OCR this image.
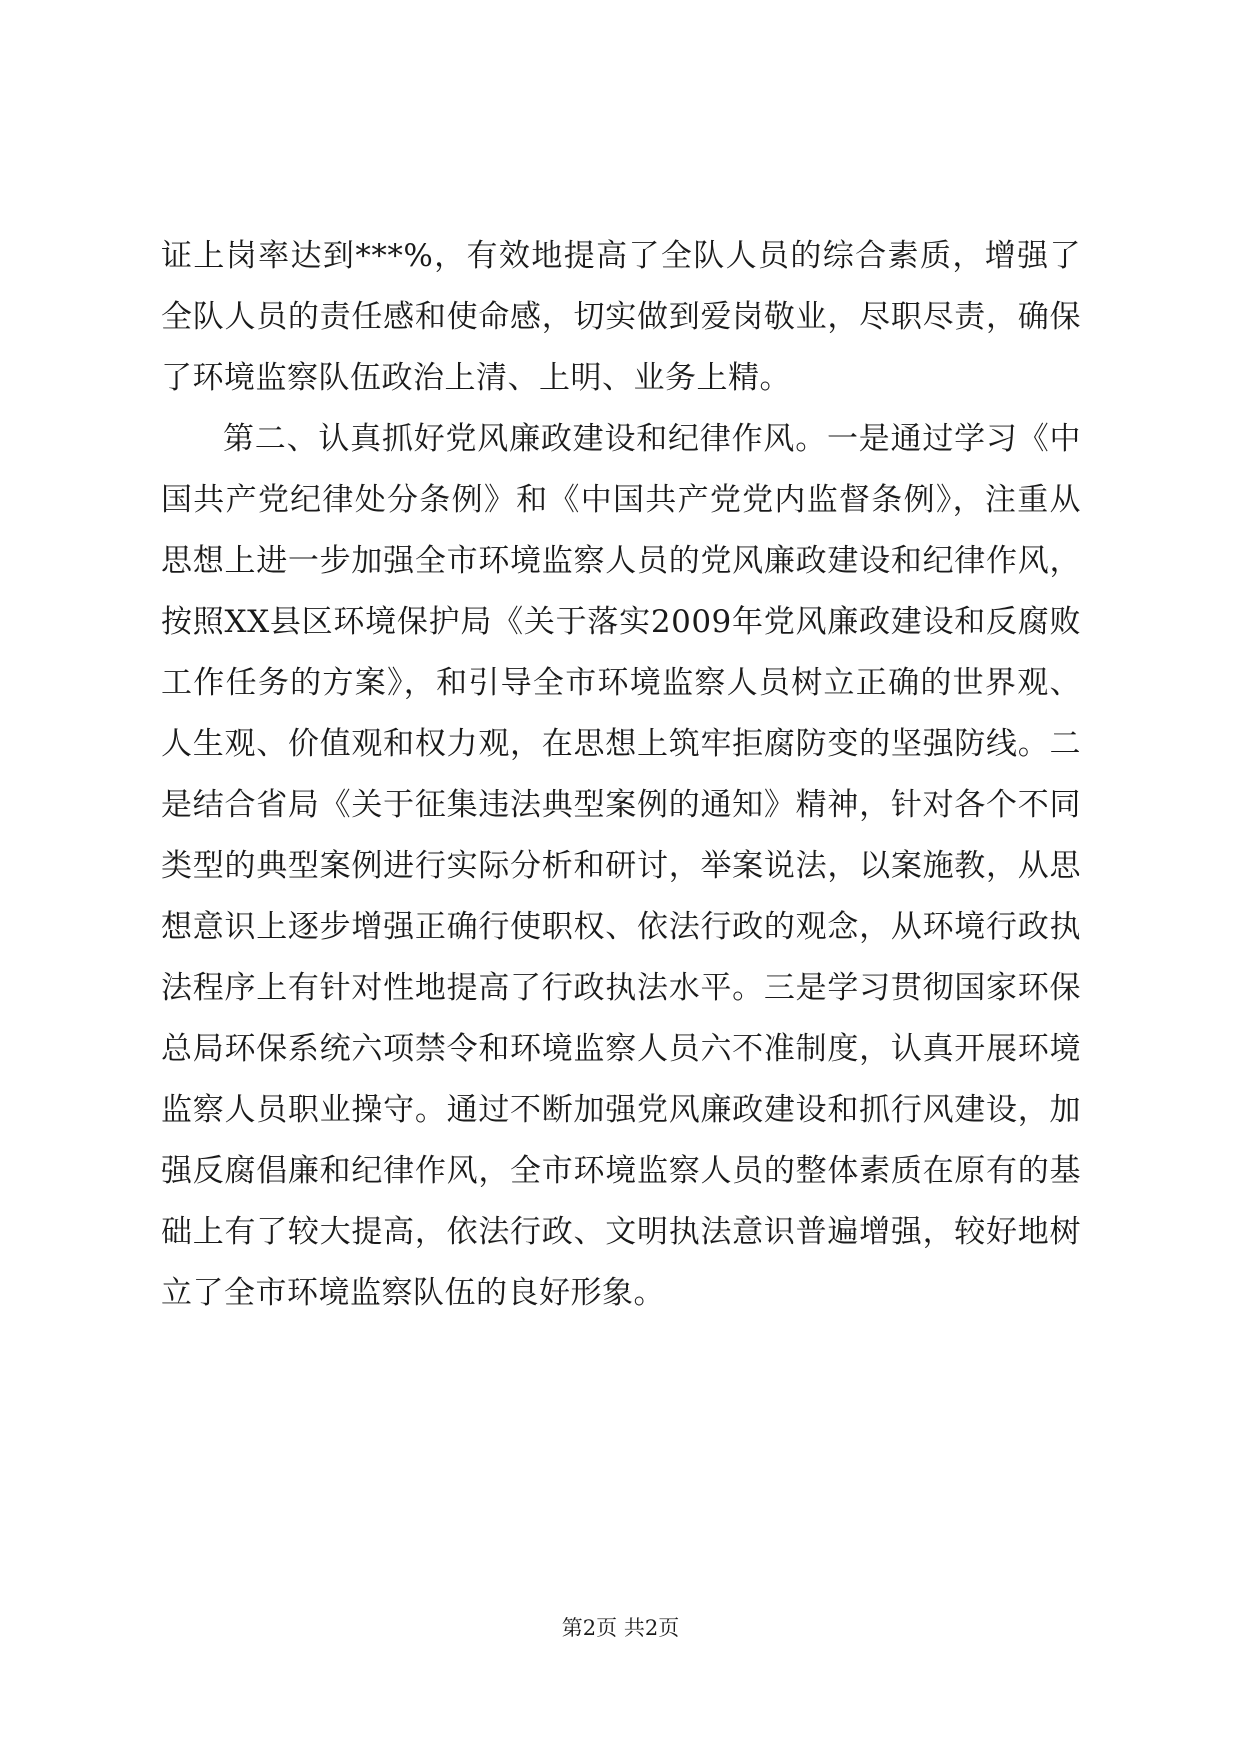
证上岗率达到***%，有效地提高了全队人员的综合素质，增强了全队人员的责任感和使命感，切实做到爱岗敬业，尽职尽责，确保了环境监察队伍政治上清、上明、业务上精。

第二、认真抓好党风廉政建设和纪律作风。一是通过学习《中国共产党纪律处分条例》和《中国共产党党内监督条例》，注重从思想上进一步加强全市环境监察人员的党风廉政建设和纪律作风，按照XX县区环境保护局《关于落实2009年党风廉政建设和反腐败工作任务的方案》，和引导全市环境监察人员树立正确的世界观、人生观、价值观和权力观，在思想上筑牢拒腐防变的坚强防线。二是结合省局《关于征集违法典型案例的通知》精神，针对各个不同类型的典型案例进行实际分析和研讨，举案说法，以案施教，从思想意识上逐步增强正确行使职权、依法行政的观念，从环境行政执法程序上有针对性地提高了行政执法水平。三是学习贯彻国家环保总局环保系统六项禁令和环境监察人员六不准制度，认真开展环境监察人员职业操守。通过不断加强党风廉政建设和抓行风建设，加强反腐倡廉和纪律作风，全市环境监察人员的整体素质在原有的基础上有了较大提高，依法行政、文明执法意识普遍增强，较好地树立了全市环境监察队伍的良好形象。

第2页 共2页
